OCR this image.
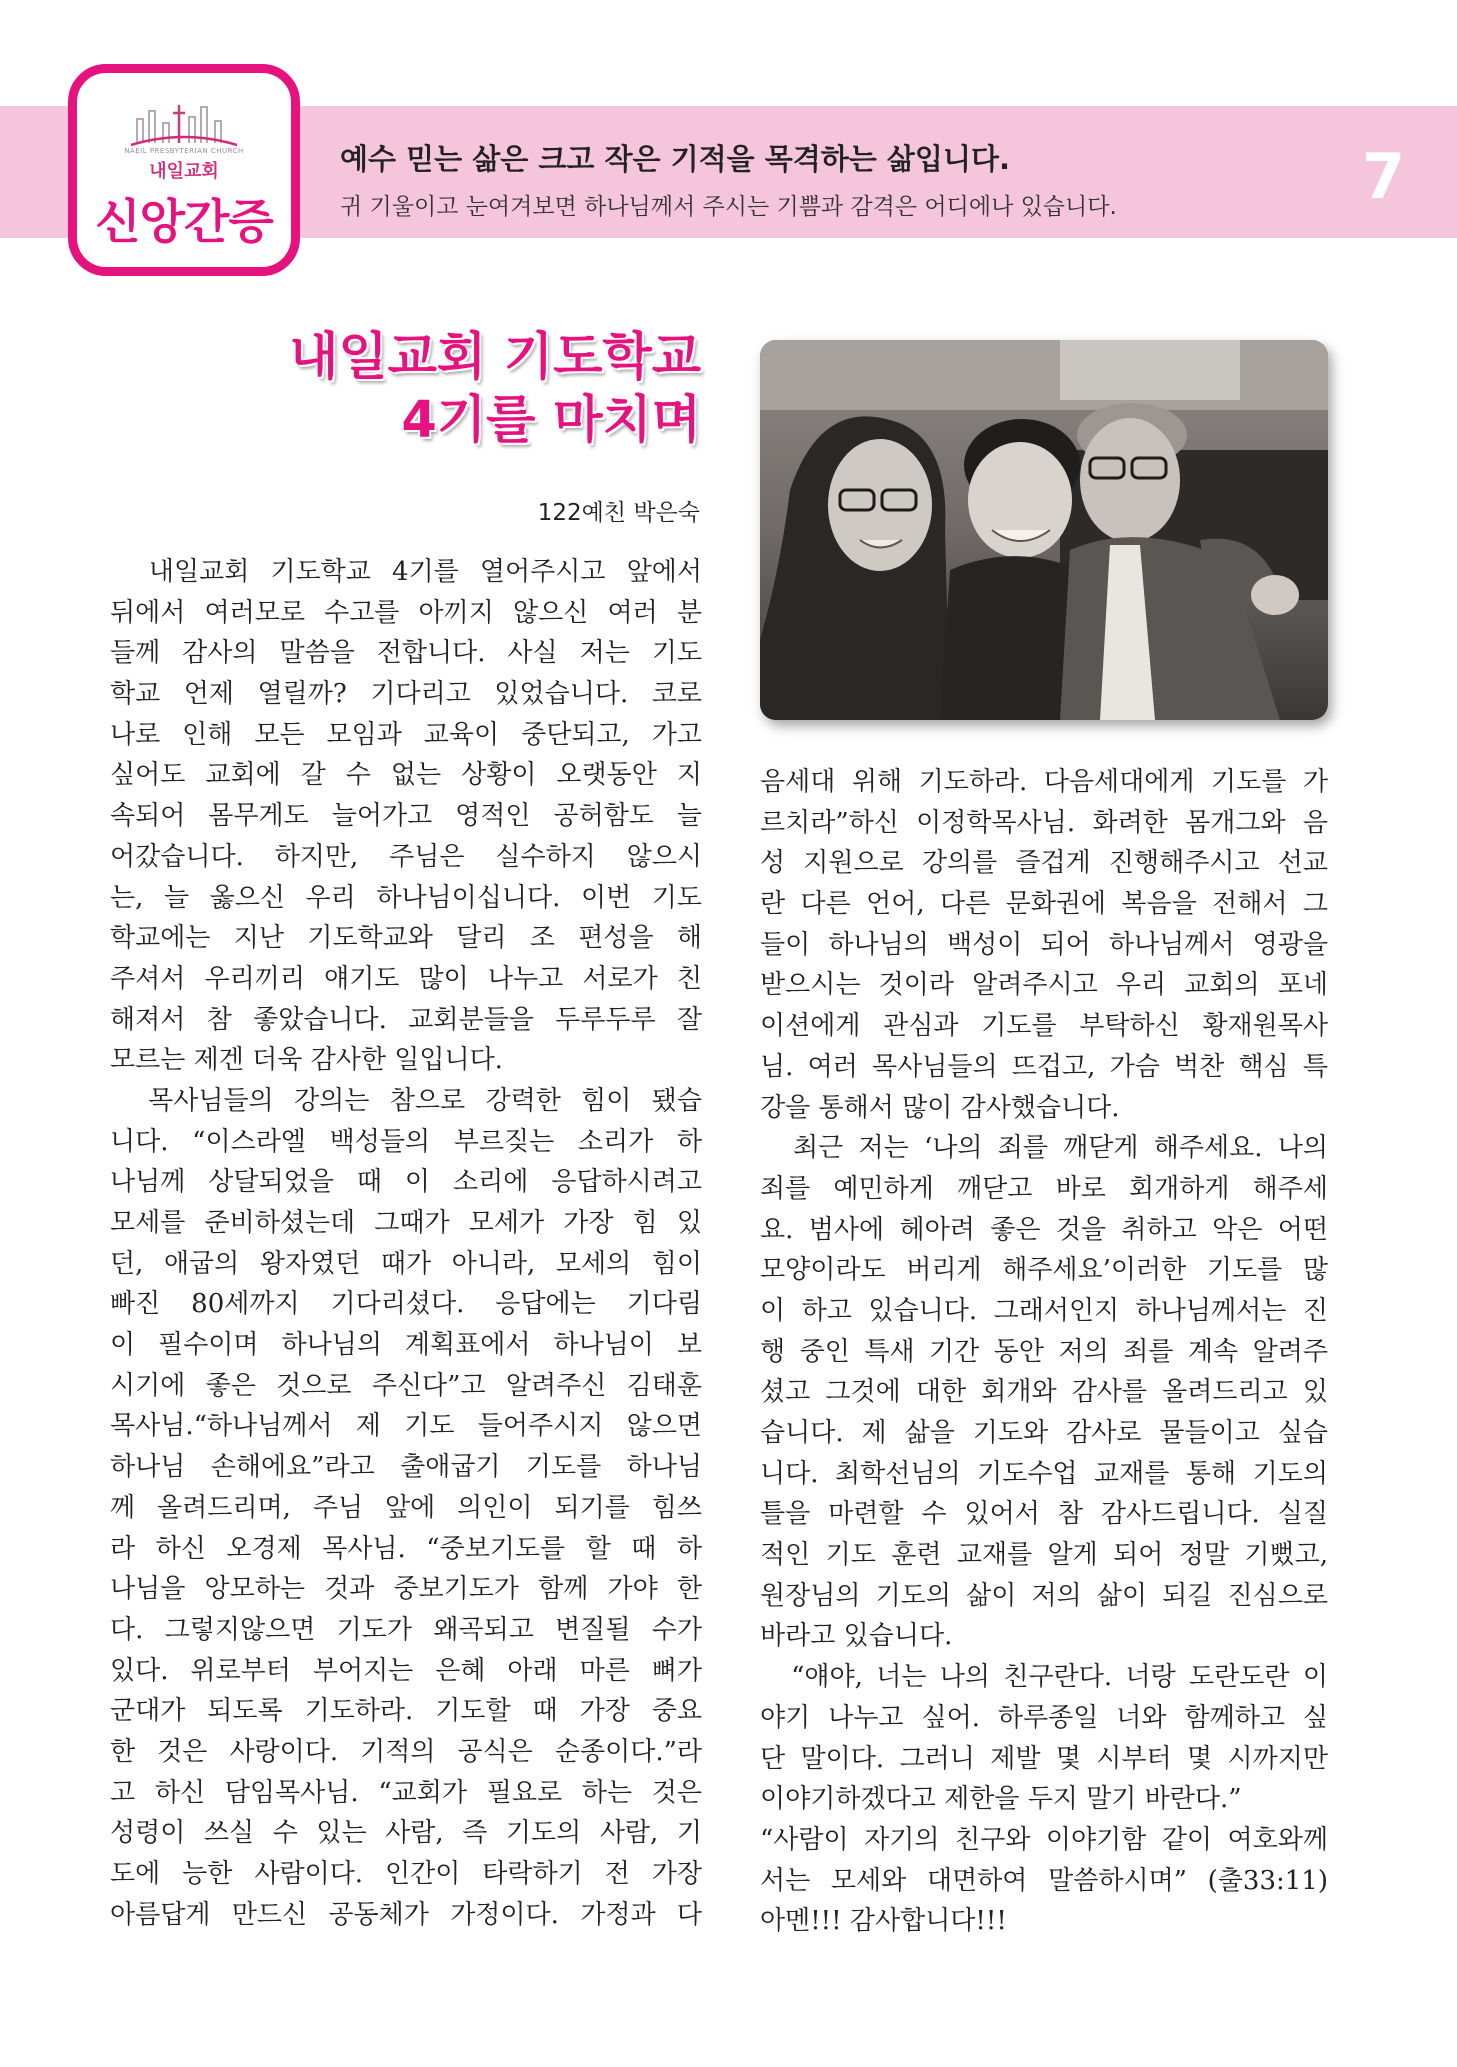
예수 믿는 삶은 크고 작은 기적을 목격하는 삶입니다.
귀 기울이고 눈여겨보면 하나님께서 주시는 기쁨과 감격은 어디에나 있습니다.	7
NAEIL PRESBYTERIAN CHURCH
내일교회
신앙간증
내일교회 기도학교
4기를 마치며
122예친 박은숙
　내일교회 기도학교 4기를 열어주시고 앞에서
뒤에서 여러모로 수고를 아끼지 않으신 여러 분
들께 감사의 말씀을 전합니다. 사실 저는 기도
학교 언제 열릴까? 기다리고 있었습니다. 코로
나로 인해 모든 모임과 교육이 중단되고, 가고
싶어도 교회에 갈 수 없는 상황이 오랫동안 지
속되어 몸무게도 늘어가고 영적인 공허함도 늘
어갔습니다. 하지만, 주님은 실수하지 않으시
는, 늘 옳으신 우리 하나님이십니다. 이번 기도
학교에는 지난 기도학교와 달리 조 편성을 해
주셔서 우리끼리 얘기도 많이 나누고 서로가 친
해져서 참 좋았습니다. 교회분들을 두루두루 잘
모르는 제겐 더욱 감사한 일입니다.
　목사님들의 강의는 참으로 강력한 힘이 됐습
니다. “이스라엘 백성들의 부르짖는 소리가 하
나님께 상달되었을 때 이 소리에 응답하시려고
모세를 준비하셨는데 그때가 모세가 가장 힘 있
던, 애굽의 왕자였던 때가 아니라, 모세의 힘이
빠진 80세까지 기다리셨다. 응답에는 기다림
이 필수이며 하나님의 계획표에서 하나님이 보
시기에 좋은 것으로 주신다”고 알려주신 김태훈
목사님.“하나님께서 제 기도 들어주시지 않으면
하나님 손해에요”라고 출애굽기 기도를 하나님
께 올려드리며, 주님 앞에 의인이 되기를 힘쓰
라 하신 오경제 목사님. “중보기도를 할 때 하
나님을 앙모하는 것과 중보기도가 함께 가야 한
다. 그렇지않으면 기도가 왜곡되고 변질될 수가
있다. 위로부터 부어지는 은혜 아래 마른 뼈가
군대가 되도록 기도하라. 기도할 때 가장 중요
한 것은 사랑이다. 기적의 공식은 순종이다.”라
고 하신 담임목사님. “교회가 필요로 하는 것은
성령이 쓰실 수 있는 사람, 즉 기도의 사람, 기
도에 능한 사람이다. 인간이 타락하기 전 가장
아름답게 만드신 공동체가 가정이다. 가정과 다
음세대 위해 기도하라. 다음세대에게 기도를 가
르치라”하신 이정학목사님. 화려한 몸개그와 음
성 지원으로 강의를 즐겁게 진행해주시고 선교
란 다른 언어, 다른 문화권에 복음을 전해서 그
들이 하나님의 백성이 되어 하나님께서 영광을
받으시는 것이라 알려주시고 우리 교회의 포네
이션에게 관심과 기도를 부탁하신 황재원목사
님. 여러 목사님들의 뜨겁고, 가슴 벅찬 핵심 특
강을 통해서 많이 감사했습니다.
　최근 저는 ‘나의 죄를 깨닫게 해주세요. 나의
죄를 예민하게 깨닫고 바로 회개하게 해주세
요. 범사에 헤아려 좋은 것을 취하고 악은 어떤
모양이라도 버리게 해주세요’이러한 기도를 많
이 하고 있습니다. 그래서인지 하나님께서는 진
행 중인 특새 기간 동안 저의 죄를 계속 알려주
셨고 그것에 대한 회개와 감사를 올려드리고 있
습니다. 제 삶을 기도와 감사로 물들이고 싶습
니다. 최학선님의 기도수업 교재를 통해 기도의
틀을 마련할 수 있어서 참 감사드립니다. 실질
적인 기도 훈련 교재를 알게 되어 정말 기뻤고,
원장님의 기도의 삶이 저의 삶이 되길 진심으로
바라고 있습니다.
　“얘야, 너는 나의 친구란다. 너랑 도란도란 이
야기 나누고 싶어. 하루종일 너와 함께하고 싶
단 말이다. 그러니 제발 몇 시부터 몇 시까지만
이야기하겠다고 제한을 두지 말기 바란다.”
“사람이 자기의 친구와 이야기함 같이 여호와께
서는 모세와 대면하여 말씀하시며” (출33:11)
아멘!!! 감사합니다!!!
